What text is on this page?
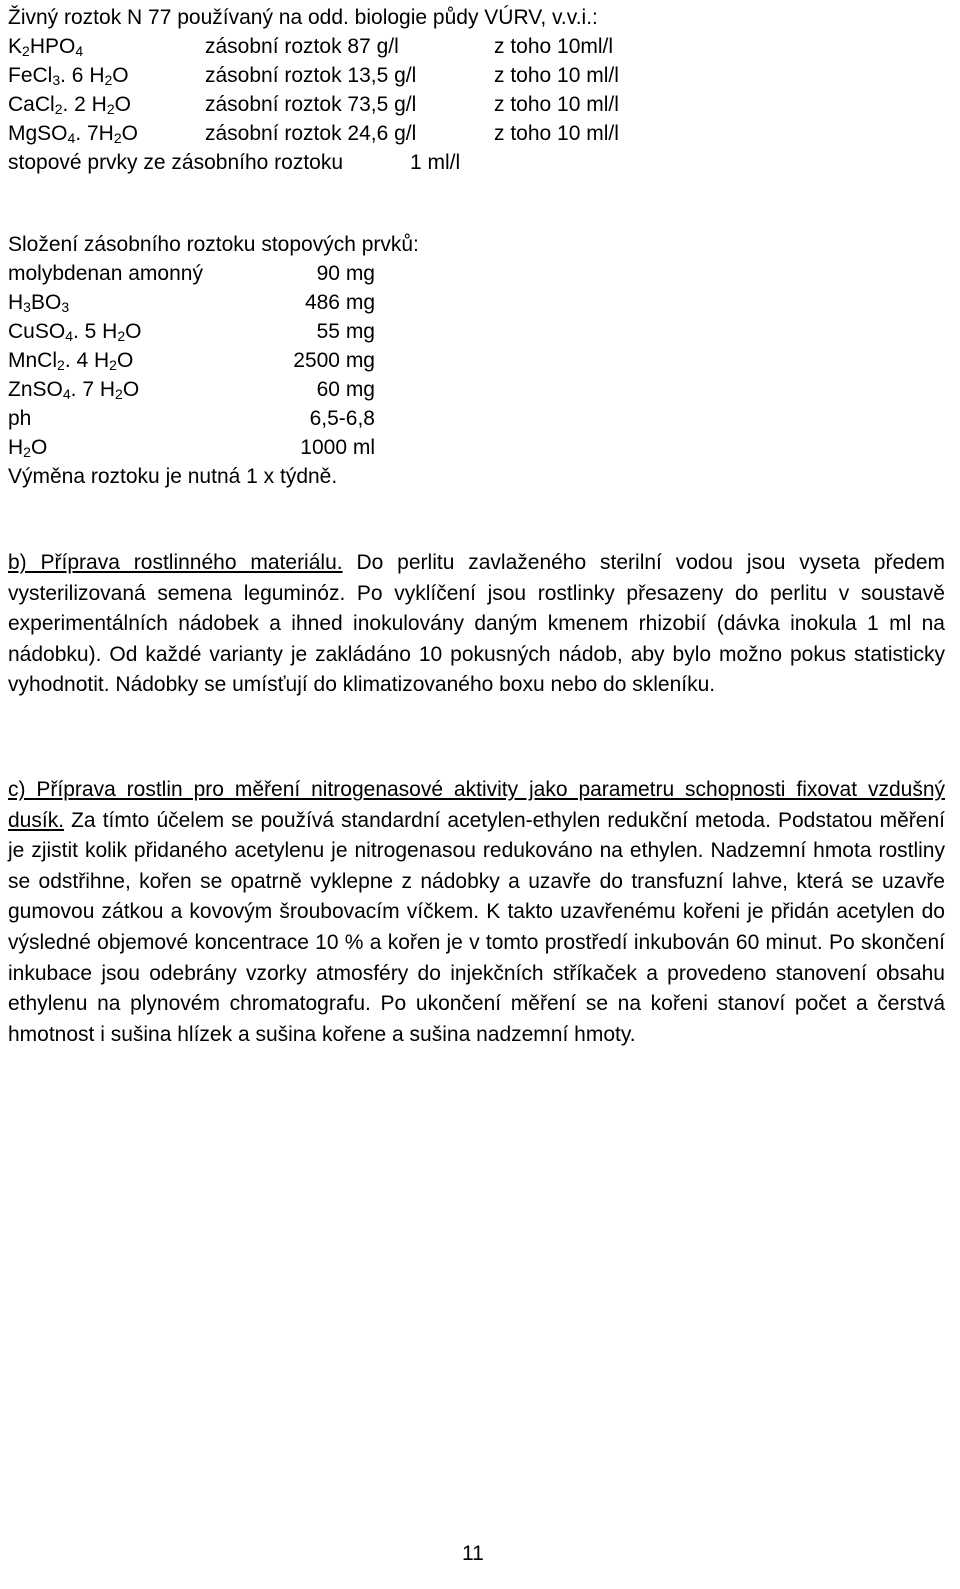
Živný roztok N 77 používaný na odd. biologie půdy VÚRV, v.v.i.:
$K_2HPO_4$	zásobní roztok 87 g/l	z toho 10ml/l
FeCl$_3$. 6 $H_2O$	zásobní roztok 13,5 g/l	z toho 10 ml/l
CaCl$_2$. 2 $H_2O$	zásobní roztok 73,5 g/l	z toho 10 ml/l
MgSO$_4$. $7H_2O$	zásobní roztok 24,6 g/l	z toho 10 ml/l
stopové prvky ze zásobního roztoku	1 ml/l
Složení zásobního roztoku stopových prvků:
molybdenan amonný	90 mg
$H_3BO_3$	486 mg
CuSO$_4$. 5 $H_2O$	55 mg
MnCl$_2$. 4 $H_2O$	2500 mg
ZnSO$_4$. 7 $H_2O$	60 mg
ph	6,5-6,8
$H_2O$	1000 ml
Výměna roztoku je nutná 1 x týdně.
b) Příprava rostlinného materiálu. Do perlitu zavlaženého sterilní vodou jsou vyseta předem vysterilizovaná semena leguminóz. Po vyklíčení jsou rostlinky přesazeny do perlitu v soustavě experimentálních nádobek a ihned inokulovány daným kmenem rhizobií (dávka inokula 1 ml na nádobku). Od každé varianty je zakládáno 10 pokusných nádob, aby bylo možno pokus statisticky vyhodnotit. Nádobky se umísťují do klimatizovaného boxu nebo do skleníku.
c) Příprava rostlin pro měření nitrogenasové aktivity jako parametru schopnosti fixovat vzdušný dusík. Za tímto účelem se používá standardní acetylen-ethylen redukční metoda. Podstatou měření je zjistit kolik přidaného acetylenu je nitrogenasou redukováno na ethylen. Nadzemní hmota rostliny se odstřihne, kořen se opatrně vyklepne z nádobky a uzavře do transfuzní lahve, která se uzavře gumovou zátkou a kovovým šroubovacím víčkem. K takto uzavřenému kořeni je přidán acetylen do výsledné objemové koncentrace 10 % a kořen je v tomto prostředí inkubován 60 minut. Po skončení inkubace jsou odebrány vzorky atmosféry do injekčních stříkaček a provedeno stanovení obsahu ethylenu na plynovém chromatografu. Po ukončení měření se na kořeni stanoví počet a čerstvá hmotnost i sušina hlízek a sušina kořene a sušina nadzemní hmoty.
11
